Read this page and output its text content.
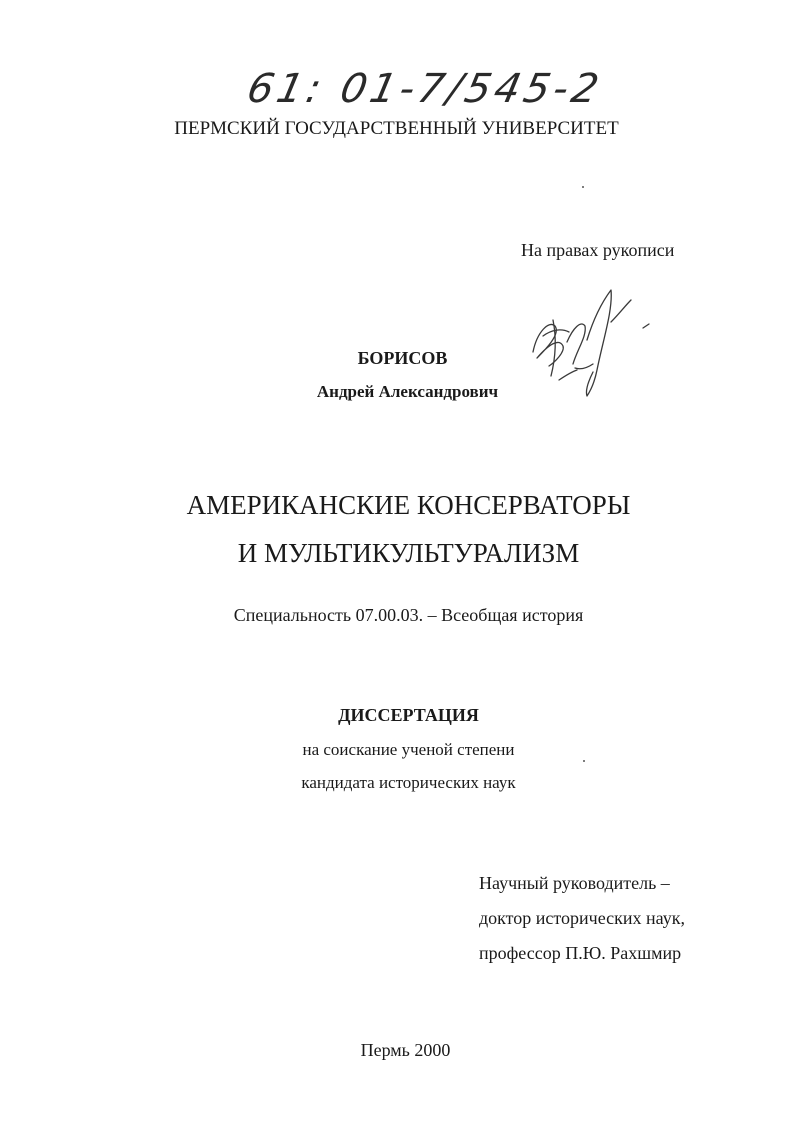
61: 01-7/545-2
ПЕРМСКИЙ ГОСУДАРСТВЕННЫЙ УНИВЕРСИТЕТ
На правах рукописи
БОРИСОВ
Андрей Александрович
АМЕРИКАНСКИЕ КОНСЕРВАТОРЫ
И МУЛЬТИКУЛЬТУРАЛИЗМ
Специальность 07.00.03. – Всеобщая история
ДИССЕРТАЦИЯ
на соискание ученой степени
кандидата исторических наук
Научный руководитель –
доктор исторических наук,
профессор П.Ю. Рахшмир
Пермь 2000
